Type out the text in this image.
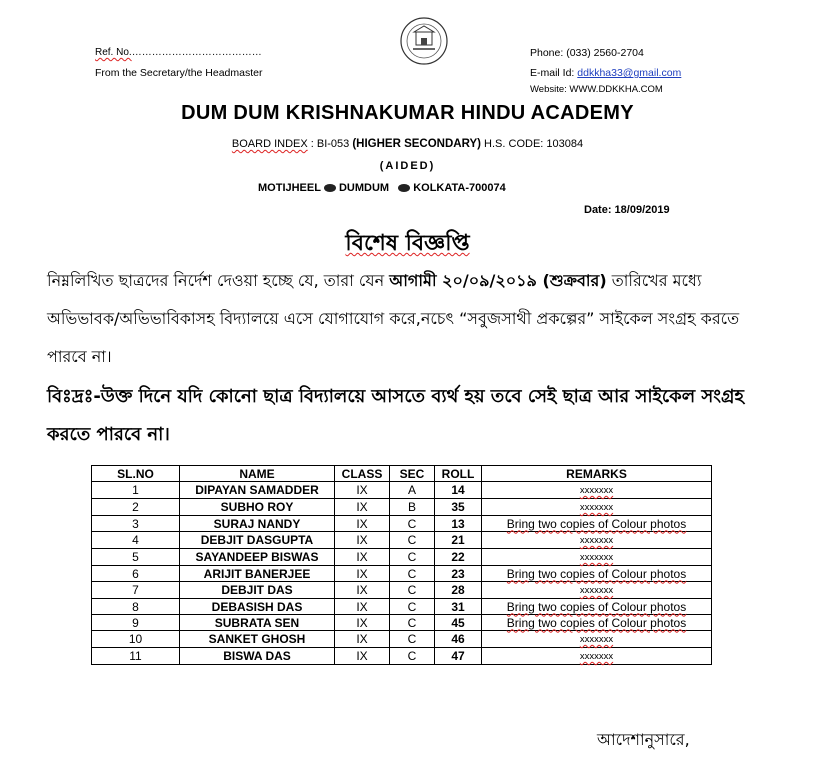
Ref. No.…………………………………
From the Secretary/the Headmaster
Phone: (033) 2560-2704
E-mail Id: ddkkha33@gmail.com
Website: WWW.DDKKHA.COM
DUM DUM KRISHNAKUMAR HINDU ACADEMY
BOARD INDEX : BI-053 (HIGHER SECONDARY) H.S. CODE: 103084
(AIDED)
MOTIJHEEL DUMDUM KOLKATA-700074
Date: 18/09/2019
বিশেষ বিজ্ঞপ্তি
নিম্নলিখিত ছাত্রদের নির্দেশ দেওয়া হচ্ছে যে, তারা যেন আগামী ২০/০৯/২০১৯ (শুক্রবার) তারিখের মধ্যে অভিভাবক/অভিভাবিকাসহ বিদ্যালয়ে এসে যোগাযোগ করে,নচেৎ “সবুজসাথী প্রকল্পের” সাইকেল সংগ্রহ করতে পারবে না।
বিঃদ্রঃ-উক্ত দিনে যদি কোনো ছাত্র বিদ্যালয়ে আসতে ব্যর্থ হয় তবে সেই ছাত্র আর সাইকেল সংগ্রহ করতে পারবে না।
SL.NO	NAME	CLASS	SEC	ROLL	REMARKS
1	DIPAYAN SAMADDER	IX	A	14	xxxxxxx
2	SUBHO ROY	IX	B	35	xxxxxxx
3	SURAJ NANDY	IX	C	13	Bring two copies of Colour photos
4	DEBJIT DASGUPTA	IX	C	21	xxxxxxx
5	SAYANDEEP BISWAS	IX	C	22	xxxxxxx
6	ARIJIT BANERJEE	IX	C	23	Bring two copies of Colour photos
7	DEBJIT DAS	IX	C	28	xxxxxxx
8	DEBASISH DAS	IX	C	31	Bring two copies of Colour photos
9	SUBRATA SEN	IX	C	45	Bring two copies of Colour photos
10	SANKET GHOSH	IX	C	46	xxxxxxx
11	BISWA DAS	IX	C	47	xxxxxxx
আদেশানুসারে,
